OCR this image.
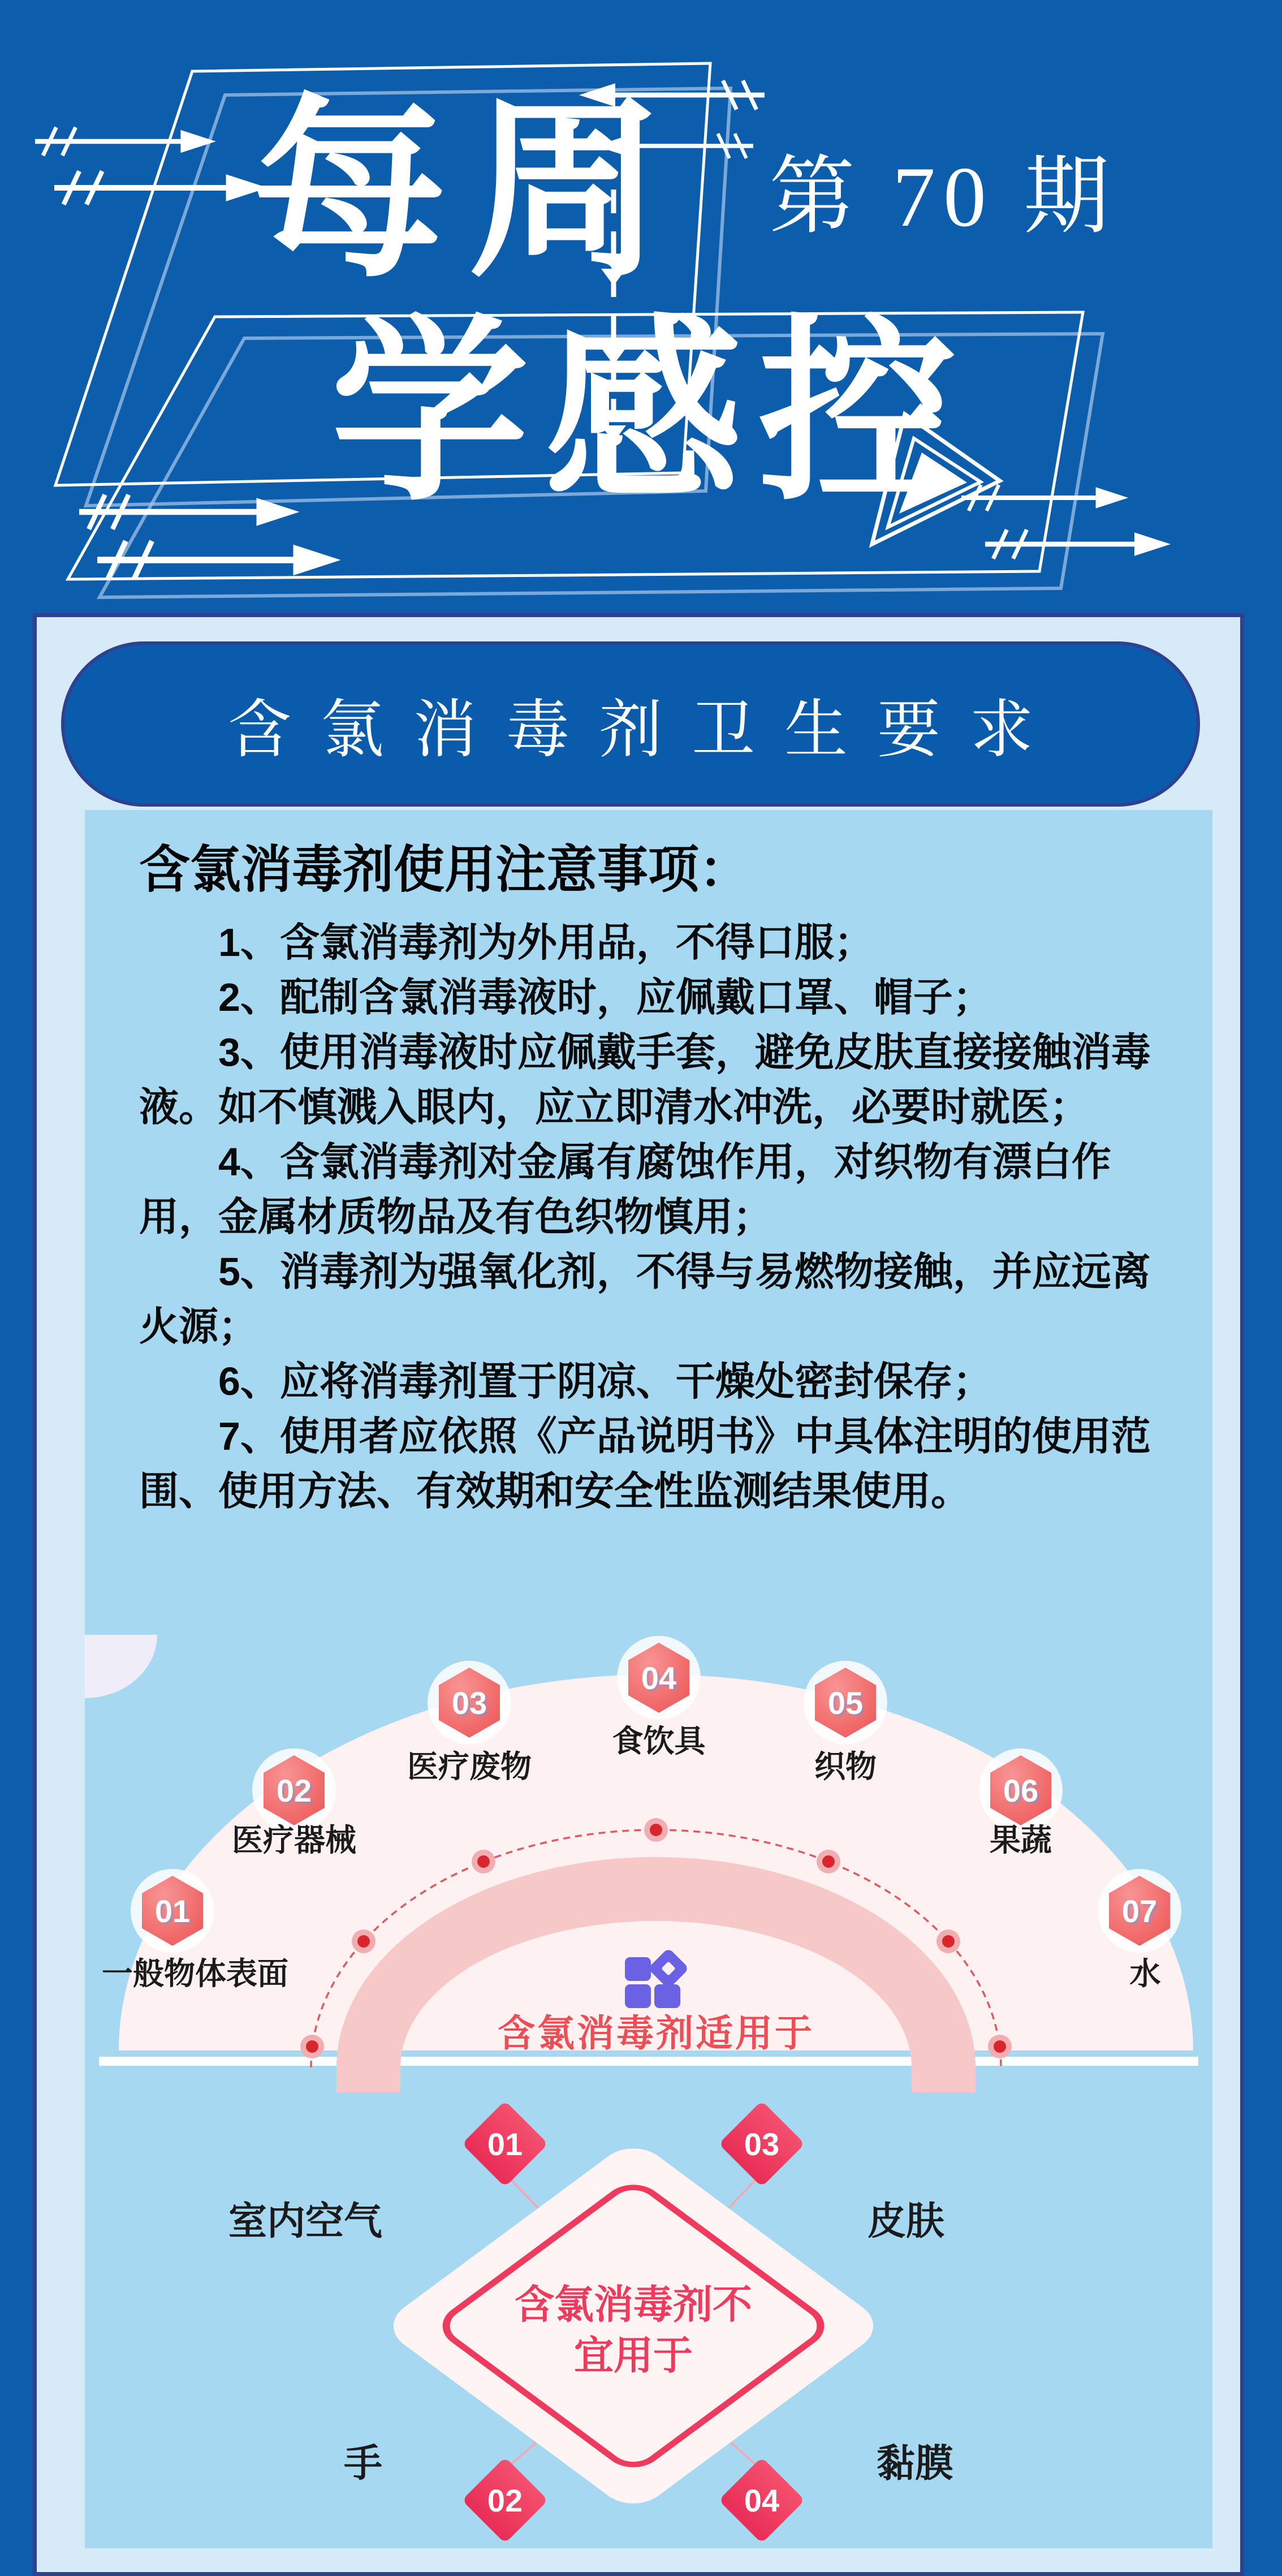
每周
学感控
第 70 期
含氯消毒剂卫生要求
含氯消毒剂使用注意事项：

1、含氯消毒剂为外用品，不得口服；

2、配制含氯消毒液时，应佩戴口罩、帽子；

3、使用消毒液时应佩戴手套，避免皮肤直接接触消毒液。如不慎溅入眼内，应立即清水冲洗，必要时就医；

4、含氯消毒剂对金属有腐蚀作用，对织物有漂白作用，金属材质物品及有色织物慎用；

5、消毒剂为强氧化剂，不得与易燃物接触，并应远离火源；

6、应将消毒剂置于阴凉、干燥处密封保存；

7、使用者应依照《产品说明书》中具体注明的使用范围、使用方法、有效期和安全性监测结果使用。

含氯消毒剂适用于
01
02
03
04
05
06
07
一般物体表面
医疗器械
医疗废物
食饮具
织物
果蔬
水
含氯消毒剂不
宜用于
01	03
02	04
室内空气	皮肤
手	黏膜
